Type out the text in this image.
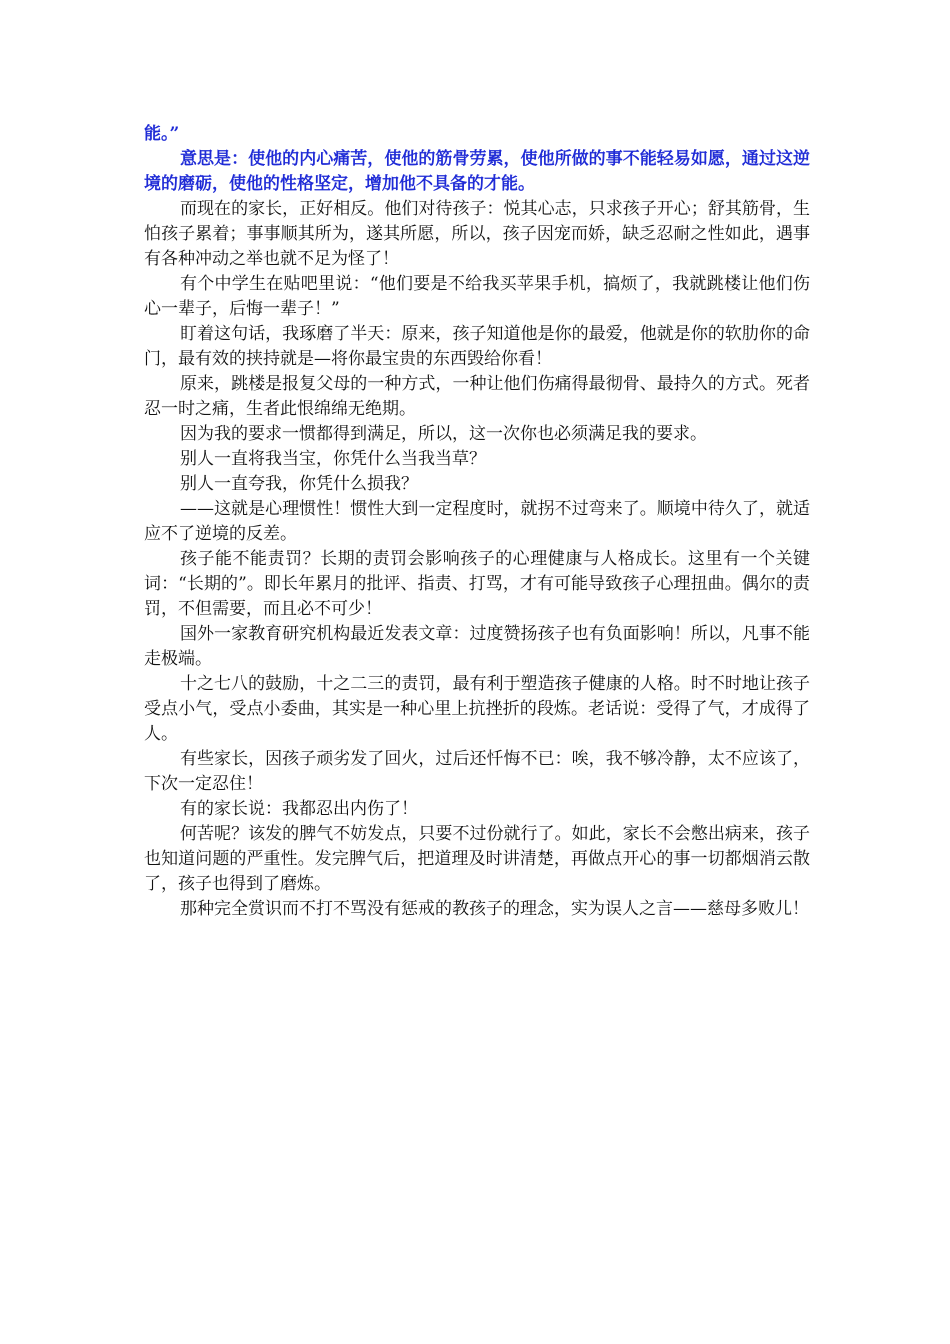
能。”

意思是：使他的内心痛苦，使他的筋骨劳累，使他所做的事不能轻易如愿，通过这逆境的磨砺，使他的性格坚定，增加他不具备的才能。

而现在的家长，正好相反。他们对待孩子：悦其心志，只求孩子开心；舒其筋骨，生怕孩子累着；事事顺其所为，遂其所愿，所以，孩子因宠而娇，缺乏忍耐之性如此，遇事有各种冲动之举也就不足为怪了！

有个中学生在贴吧里说：“他们要是不给我买苹果手机，搞烦了，我就跳楼让他们伤心一辈子，后悔一辈子！”

盯着这句话，我琢磨了半天：原来，孩子知道他是你的最爱，他就是你的软肋你的命门，最有效的挟持就是—将你最宝贵的东西毁给你看！

原来，跳楼是报复父母的一种方式，一种让他们伤痛得最彻骨、最持久的方式。死者忍一时之痛，生者此恨绵绵无绝期。

因为我的要求一惯都得到满足，所以，这一次你也必须满足我的要求。

别人一直将我当宝，你凭什么当我当草？

别人一直夸我，你凭什么损我？

——这就是心理惯性！惯性大到一定程度时，就拐不过弯来了。顺境中待久了，就适应不了逆境的反差。

孩子能不能责罚？长期的责罚会影响孩子的心理健康与人格成长。这里有一个关键词：“长期的”。即长年累月的批评、指责、打骂，才有可能导致孩子心理扭曲。偶尔的责罚，不但需要，而且必不可少！

国外一家教育研究机构最近发表文章：过度赞扬孩子也有负面影响！所以，凡事不能走极端。

十之七八的鼓励，十之二三的责罚，最有利于塑造孩子健康的人格。时不时地让孩子受点小气，受点小委曲，其实是一种心里上抗挫折的段炼。老话说：受得了气，才成得了人。

有些家长，因孩子顽劣发了回火，过后还忏悔不已：唉，我不够冷静，太不应该了，下次一定忍住！

有的家长说：我都忍出内伤了！

何苦呢？该发的脾气不妨发点，只要不过份就行了。如此，家长不会憋出病来，孩子也知道问题的严重性。发完脾气后，把道理及时讲清楚，再做点开心的事一切都烟消云散了，孩子也得到了磨炼。

那种完全赏识而不打不骂没有惩戒的教孩子的理念，实为误人之言——慈母多败儿！
